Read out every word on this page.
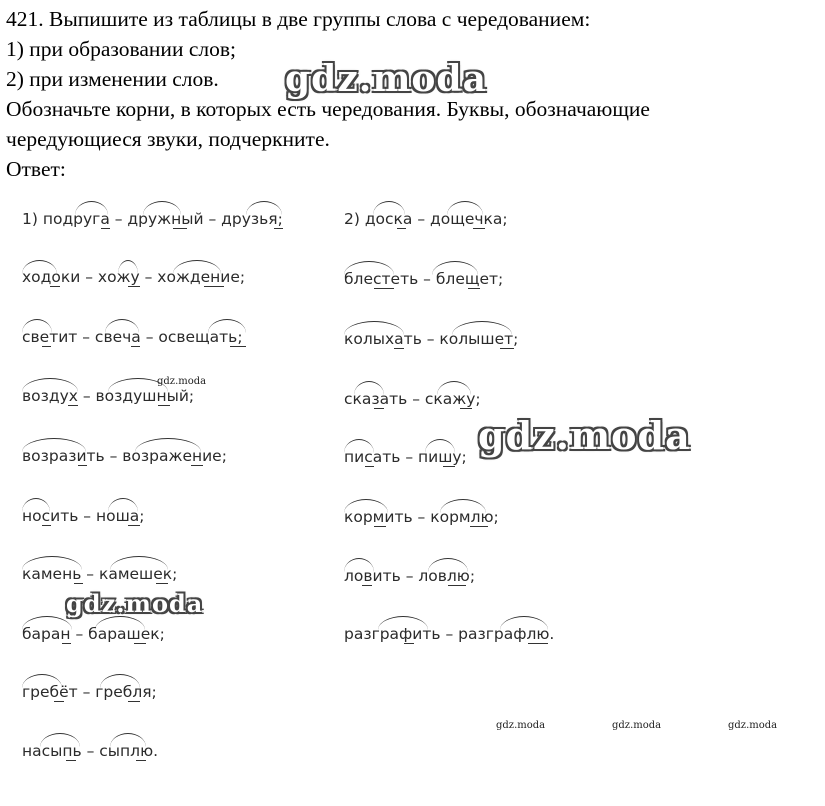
421. Выпишите из таблицы в две группы слова с чередованием:
1) при образовании слов;
2) при изменении слов.
Обозначьте корни, в которых есть чередования. Буквы, обозначающие
чередующиеся звуки, подчеркните.
Ответ:
1) подруга – дружный – друзья;
ходоки – хожу – хождение;
светит – свеча – освещать;
воздух – воздушный;
возразить – возражение;
носить – ноша;
камень – камешек;
баран – барашек;
гребёт – гребля;
насыпь – сыплю.
2) доска – дощечка;
блестеть – блещет;
колыхать – колышет;
сказать – скажу;
писать – пишу;
кормить – кормлю;
ловить – ловлю;
разграфить – разграфлю.
gdz.moda
gdz.moda
gdz.moda
gdz.moda
gdz.moda	gdz.moda	gdz.moda
